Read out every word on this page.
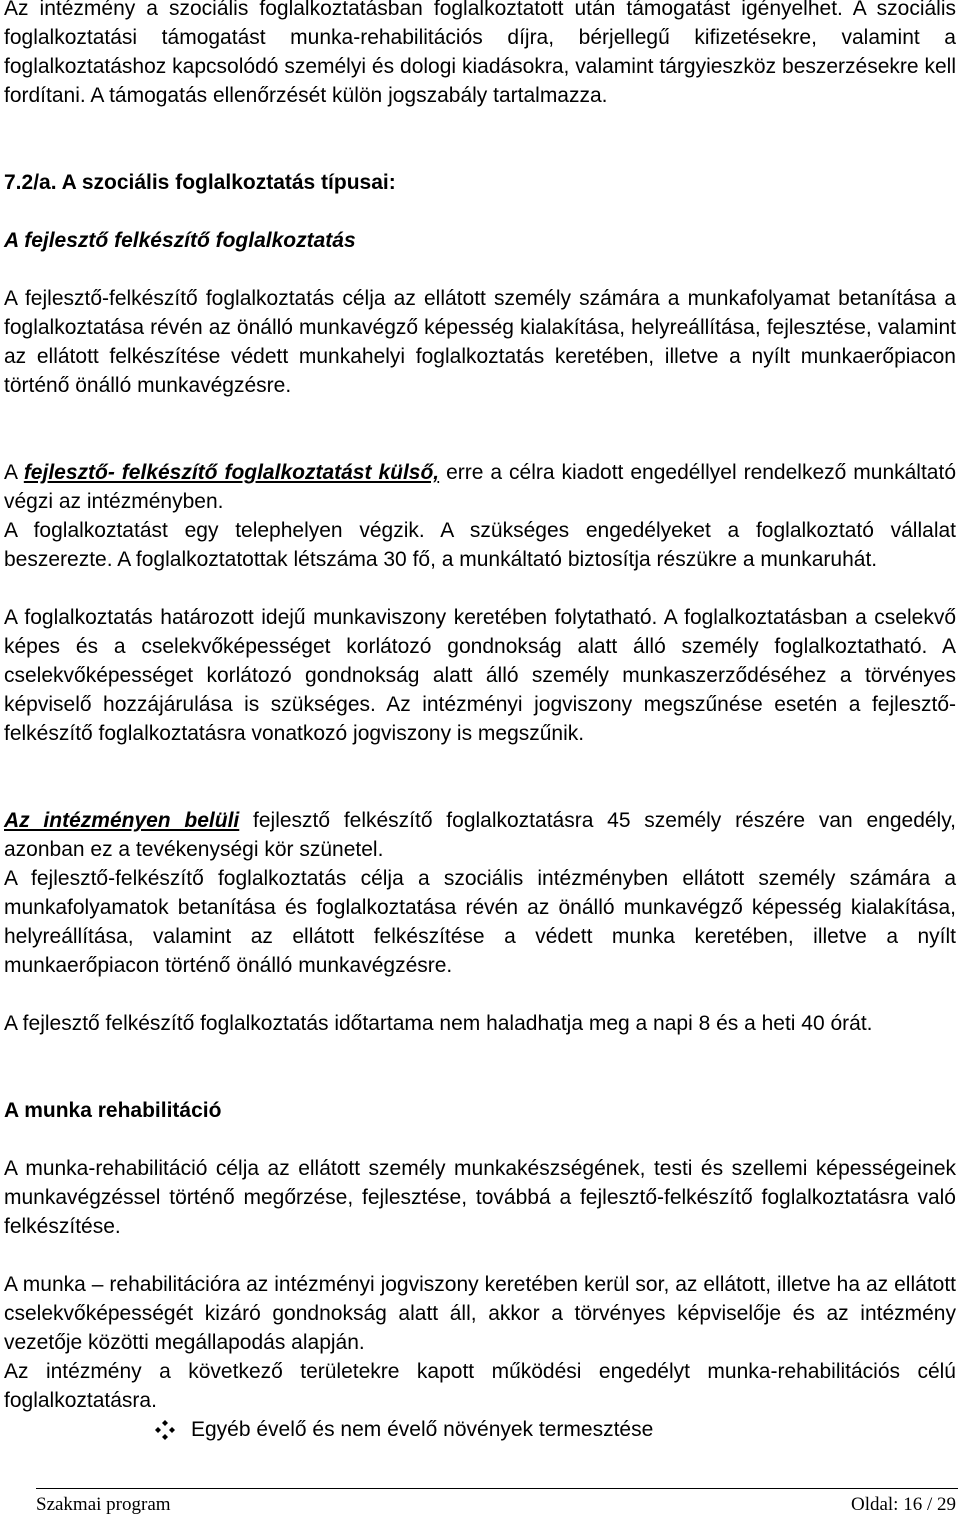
Az intézmény a szociális foglalkoztatásban foglalkoztatott után támogatást igényelhet. A szociális foglalkoztatási támogatást munka-rehabilitációs díjra, bérjellegű kifizetésekre, valamint a foglalkoztatáshoz kapcsolódó személyi és dologi kiadásokra, valamint tárgyieszköz beszerzésekre kell fordítani. A támogatás ellenőrzését külön jogszabály tartalmazza.

7.2/a. A szociális foglalkoztatás típusai:

A fejlesztő felkészítő foglalkoztatás

A fejlesztő-felkészítő foglalkoztatás célja az ellátott személy számára a munkafolyamat betanítása a foglalkoztatása révén az önálló munkavégző képesség kialakítása, helyreállítása, fejlesztése, valamint az ellátott felkészítése védett munkahelyi foglalkoztatás keretében, illetve a nyílt munkaerőpiacon történő önálló munkavégzésre.

A fejlesztő- felkészítő foglalkoztatást külső, erre a célra kiadott engedéllyel rendelkező munkáltató végzi az intézményben.

A foglalkoztatást egy telephelyen végzik. A szükséges engedélyeket a foglalkoztató vállalat beszerezte. A foglalkoztatottak létszáma 30 fő, a munkáltató biztosítja részükre a munkaruhát.

A foglalkoztatás határozott idejű munkaviszony keretében folytatható. A foglalkoztatásban a cselekvő képes és a cselekvőképességet korlátozó gondnokság alatt álló személy foglalkoztatható. A cselekvőképességet korlátozó gondnokság alatt álló személy munkaszerződéséhez a törvényes képviselő hozzájárulása is szükséges. Az intézményi jogviszony megszűnése esetén a fejlesztő-felkészítő foglalkoztatásra vonatkozó jogviszony is megszűnik.

Az intézményen belüli fejlesztő felkészítő foglalkoztatásra 45 személy részére van engedély, azonban ez a tevékenységi kör szünetel.

A fejlesztő-felkészítő foglalkoztatás célja a szociális intézményben ellátott személy számára a munkafolyamatok betanítása és foglalkoztatása révén az önálló munkavégző képesség kialakítása, helyreállítása, valamint az ellátott felkészítése a védett munka keretében, illetve a nyílt munkaerőpiacon történő önálló munkavégzésre.

A fejlesztő felkészítő foglalkoztatás időtartama nem haladhatja meg a napi 8 és a heti 40 órát.

A munka rehabilitáció

A munka-rehabilitáció célja az ellátott személy munkakészségének, testi és szellemi képességeinek munkavégzéssel történő megőrzése, fejlesztése, továbbá a fejlesztő-felkészítő foglalkoztatásra való felkészítése.

A munka – rehabilitációra az intézményi jogviszony keretében kerül sor, az ellátott, illetve ha az ellátott cselekvőképességét kizáró gondnokság alatt áll, akkor a törvényes képviselője és az intézmény vezetője közötti megállapodás alapján.

Az intézmény a következő területekre kapott működési engedélyt munka-rehabilitációs célú foglalkoztatásra.

Egyéb évelő és nem évelő növények termesztése
Szakmai program	Oldal: 16 / 29
